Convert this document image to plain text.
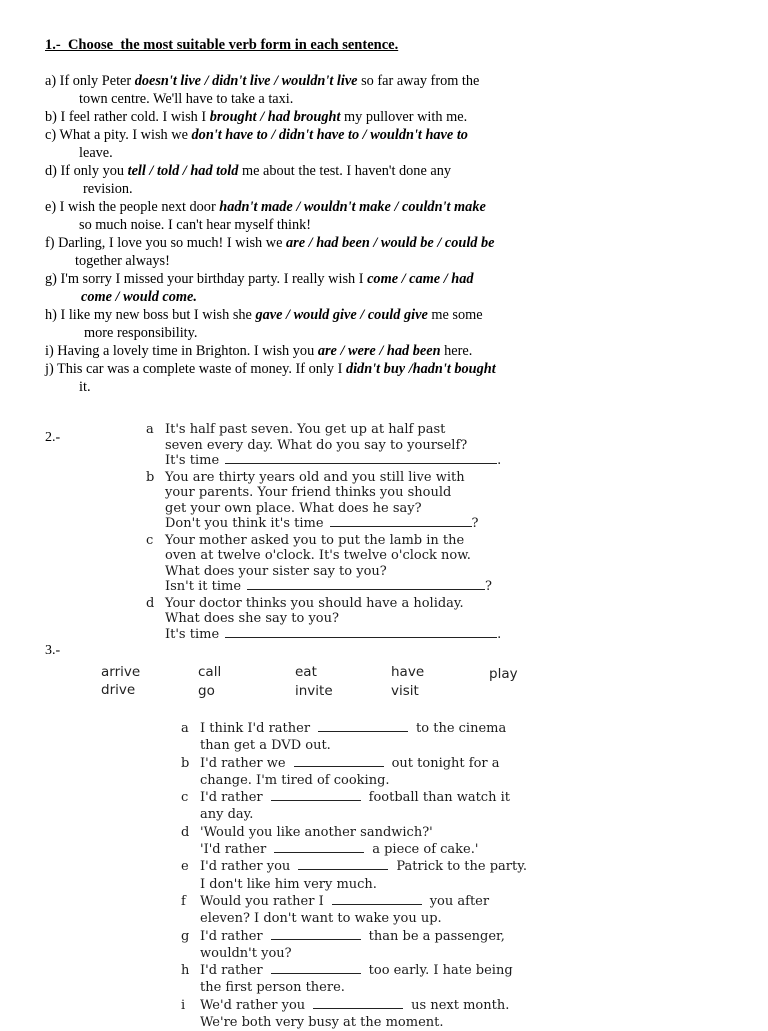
1.-  Choose  the most suitable verb form in each sentence.
a) If only Peter doesn't live / didn't live / wouldn't live so far away from the
town centre. We'll have to take a taxi.
b) I feel rather cold. I wish I brought / had brought my pullover with me.
c) What a pity. I wish we don't have to / didn't have to / wouldn't have to
leave.
d) If only you tell / told / had told me about the test. I haven't done any
revision.
e) I wish the people next door hadn't made / wouldn't make / couldn't make
so much noise. I can't hear myself think!
f) Darling, I love you so much! I wish we are / had been / would be / could be
together always!
g) I'm sorry I missed your birthday party. I really wish I come / came / had
come / would come.
h) I like my new boss but I wish she gave / would give / could give me some
more responsibility.
i) Having a lovely time in Brighton. I wish you are / were / had been here.
j) This car was a complete waste of money. If only I didn't buy /hadn't bought
it.
2.-
a It's half past seven. You get up at half past
seven every day. What do you say to yourself?
It's time	.
b You are thirty years old and you still live with
your parents. Your friend thinks you should
get your own place. What does he say?
Don't you think it's time	?
c Your mother asked you to put the lamb in the
oven at twelve o'clock. It's twelve o'clock now.
What does your sister say to you?
Isn't it time	?
d Your doctor thinks you should have a holiday.
What does she say to you?
It's time	.
3.-
arrive	call	eat	have	play
drive	go	invite	visit
a I think I'd rather	to the cinema
than get a DVD out.
b I'd rather we	out tonight for a
change. I'm tired of cooking.
c I'd rather	football than watch it
any day.
d 'Would you like another sandwich?'
'I'd rather	a piece of cake.'
e I'd rather you	Patrick to the party.
I don't like him very much.
f Would you rather I	you after
eleven? I don't want to wake you up.
g I'd rather	than be a passenger,
wouldn't you?
h I'd rather	too early. I hate being
the first person there.
i We'd rather you	us next month.
We're both very busy at the moment.
